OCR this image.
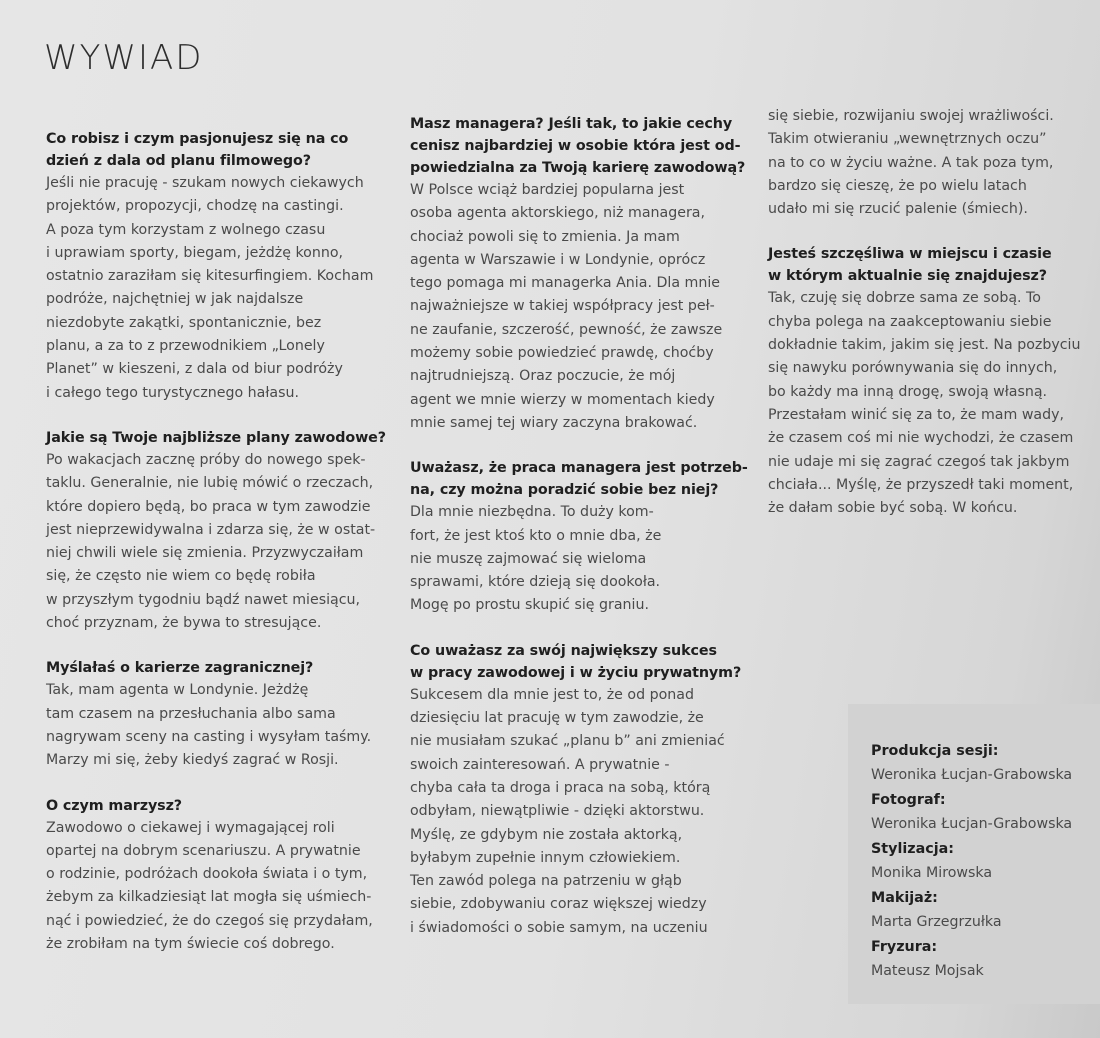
WYWIAD

Co robisz i czym pasjonujesz się na co
dzień z dala od planu filmowego?

Jeśli nie pracuję - szukam nowych ciekawych
projektów, propozycji, chodzę na castingi.
A poza tym korzystam z wolnego czasu
i uprawiam sporty, biegam, jeżdżę konno,
ostatnio zaraziłam się kitesurfingiem. Kocham
podróże, najchętniej w jak najdalsze
niezdobyte zakątki, spontanicznie, bez
planu, a za to z przewodnikiem „Lonely
Planet” w kieszeni, z dala od biur podróży
i całego tego turystycznego hałasu.

Jakie są Twoje najbliższe plany zawodowe?

Po wakacjach zacznę próby do nowego spek-
taklu. Generalnie, nie lubię mówić o rzeczach,
które dopiero będą, bo praca w tym zawodzie
jest nieprzewidywalna i zdarza się, że w ostat-
niej chwili wiele się zmienia. Przyzwyczaiłam
się, że często nie wiem co będę robiła
w przyszłym tygodniu bądź nawet miesiącu,
choć przyznam, że bywa to stresujące.

Myślałaś o karierze zagranicznej?

Tak, mam agenta w Londynie. Jeżdżę
tam czasem na przesłuchania albo sama
nagrywam sceny na casting i wysyłam taśmy.
Marzy mi się, żeby kiedyś zagrać w Rosji.

O czym marzysz?

Zawodowo o ciekawej i wymagającej roli
opartej na dobrym scenariuszu. A prywatnie
o rodzinie, podróżach dookoła świata i o tym,
żebym za kilkadziesiąt lat mogła się uśmiech-
nąć i powiedzieć, że do czegoś się przydałam,
że zrobiłam na tym świecie coś dobrego.

Masz managera? Jeśli tak, to jakie cechy
cenisz najbardziej w osobie która jest od-
powiedzialna za Twoją karierę zawodową?

W Polsce wciąż bardziej popularna jest
osoba agenta aktorskiego, niż managera,
chociaż powoli się to zmienia. Ja mam
agenta w Warszawie i w Londynie, oprócz
tego pomaga mi managerka Ania. Dla mnie
najważniejsze w takiej współpracy jest peł-
ne zaufanie, szczerość, pewność, że zawsze
możemy sobie powiedzieć prawdę, choćby
najtrudniejszą. Oraz poczucie, że mój
agent we mnie wierzy w momentach kiedy
mnie samej tej wiary zaczyna brakować.

Uważasz, że praca managera jest potrzeb-
na, czy można poradzić sobie bez niej?

Dla mnie niezbędna. To duży kom-
fort, że jest ktoś kto o mnie dba, że
nie muszę zajmować się wieloma
sprawami, które dzieją się dookoła.
Mogę po prostu skupić się graniu.

Co uważasz za swój największy sukces
w pracy zawodowej i w życiu prywatnym?

Sukcesem dla mnie jest to, że od ponad
dziesięciu lat pracuję w tym zawodzie, że
nie musiałam szukać „planu b” ani zmieniać
swoich zainteresowań. A prywatnie -
chyba cała ta droga i praca na sobą, którą
odbyłam, niewątpliwie - dzięki aktorstwu.
Myślę, ze gdybym nie została aktorką,
byłabym zupełnie innym człowiekiem.
Ten zawód polega na patrzeniu w głąb
siebie, zdobywaniu coraz większej wiedzy
i świadomości o sobie samym, na uczeniu

się siebie, rozwijaniu swojej wrażliwości.
Takim otwieraniu „wewnętrznych oczu”
na to co w życiu ważne. A tak poza tym,
bardzo się cieszę, że po wielu latach
udało mi się rzucić palenie (śmiech).

Jesteś szczęśliwa w miejscu i czasie
w którym aktualnie się znajdujesz?

Tak, czuję się dobrze sama ze sobą. To
chyba polega na zaakceptowaniu siebie
dokładnie takim, jakim się jest. Na pozbyciu
się nawyku porównywania się do innych,
bo każdy ma inną drogę, swoją własną.
Przestałam winić się za to, że mam wady,
że czasem coś mi nie wychodzi, że czasem
nie udaje mi się zagrać czegoś tak jakbym
chciała... Myślę, że przyszedł taki moment,
że dałam sobie być sobą. W końcu.

Produkcja sesji:
Weronika Łucjan-Grabowska
Fotograf:
Weronika Łucjan-Grabowska
Stylizacja:
Monika Mirowska
Makijaż:
Marta Grzegrzułka
Fryzura:
Mateusz Mojsak
